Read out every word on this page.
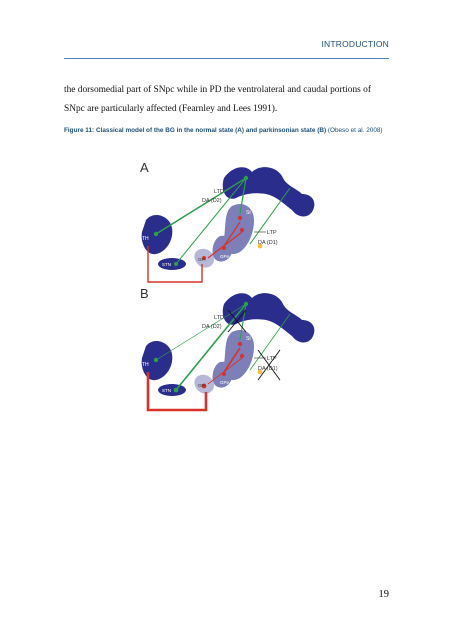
INTRODUCTION
the dorsomedial part of SNpc while in PD the ventrolateral and caudal portions of SNpc are particularly affected (Fearnley and Lees 1991).
Figure 11: Classical model of the BG in the normal state (A) and parkinsonian state (B) (Obeso et al. 2008)
A	Cx
LTD
DA (D2)
St
LTP
DA (D1)
TH
GPe
GPi
STN
B	Cx
LTD
DA (D2)
St
LTP
DA (D1)
TH
GPe
GPi
STN
19
